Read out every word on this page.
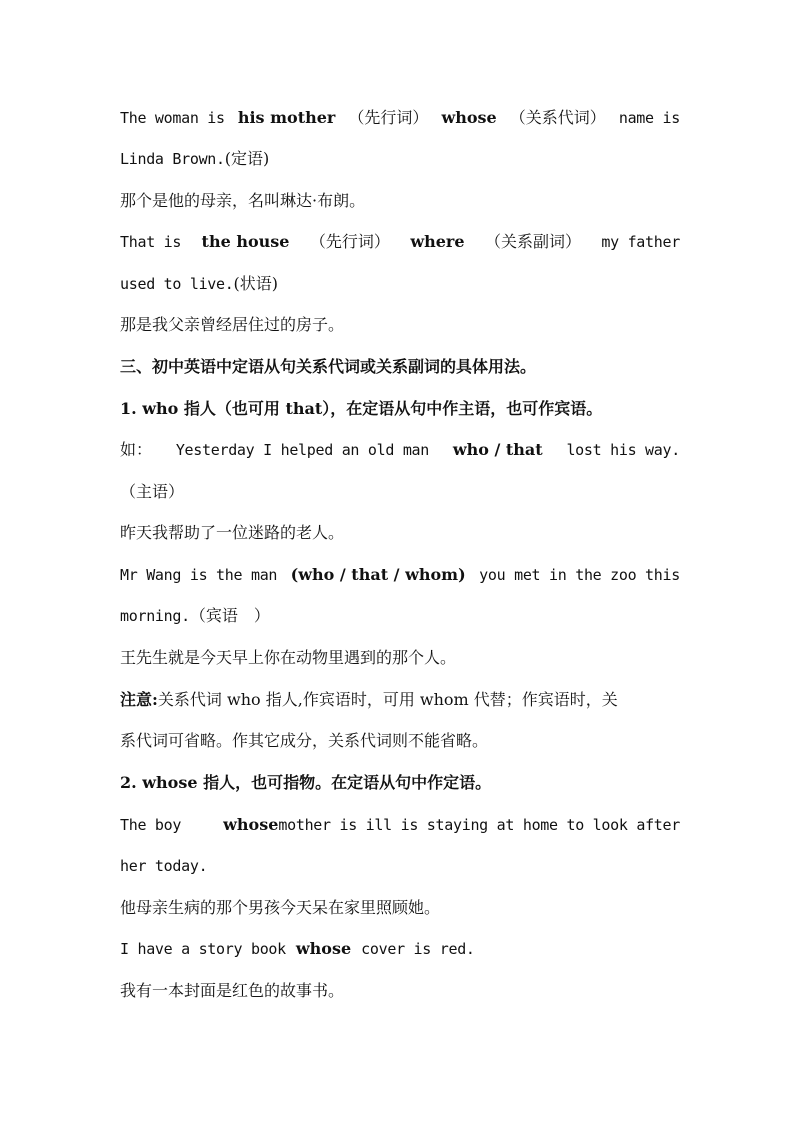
The woman is his mother （先行词） whose （关系代词） name is
Linda Brown.(定语)
那个是他的母亲，名叫琳达·布朗。
That is the house （先行词） where （关系副词） my father
used to live.(状语)
那是我父亲曾经居住过的房子。
三、初中英语中定语从句关系代词或关系副词的具体用法。
1. who 指人（也可用 that），在定语从句中作主语，也可作宾语。
如： Yesterday I helped an old man who / that lost his way.
（主语）
昨天我帮助了一位迷路的老人。
Mr Wang is the man (who / that / whom) you met in the zoo this
morning.（宾语　）
王先生就是今天早上你在动物里遇到的那个人。
注意:关系代词 who 指人,作宾语时，可用 whom 代替；作宾语时，关
系代词可省略。作其它成分，关系代词则不能省略。
2. whose 指人，也可指物。在定语从句中作定语。
The boy	whosemother is ill is staying at home to look after
her today.
他母亲生病的那个男孩今天呆在家里照顾她。
I have a story book whose cover is red.
我有一本封面是红色的故事书。
